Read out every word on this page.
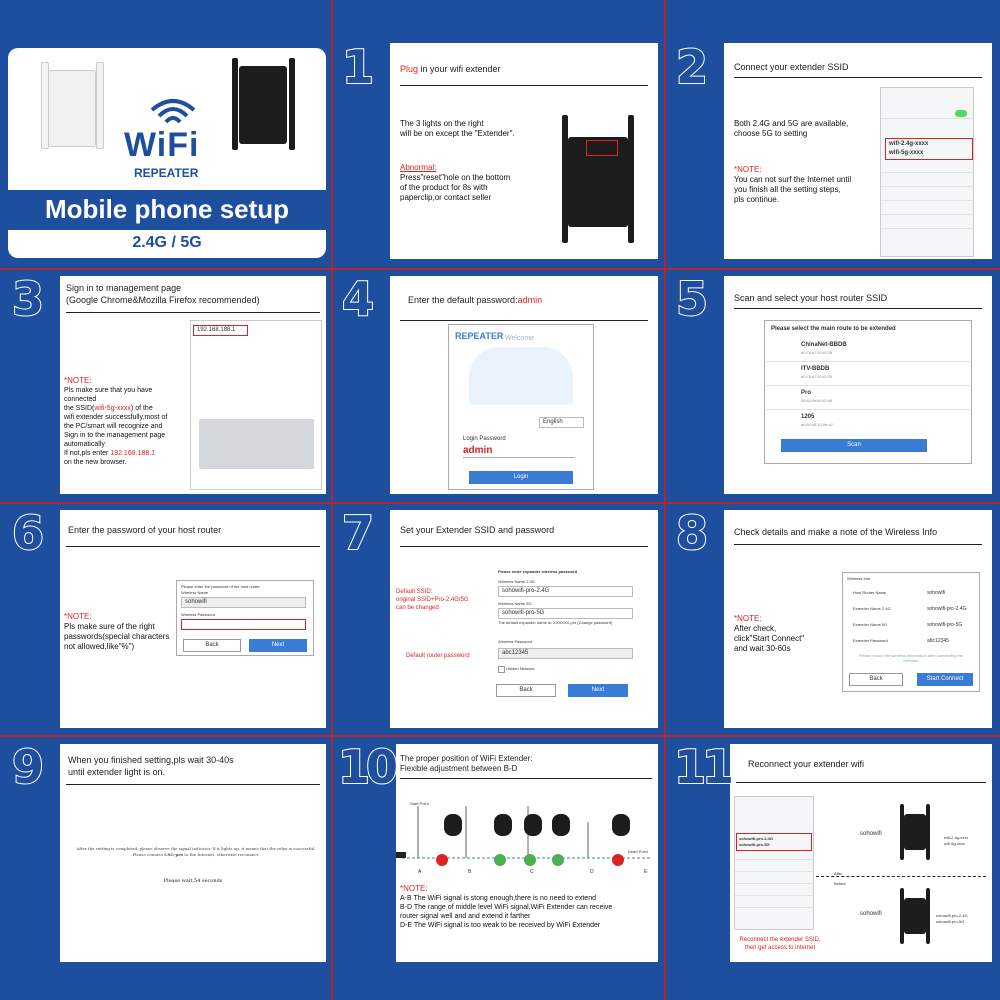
WiFi
REPEATER
Mobile phone setup
2.4G / 5G
Plug in your wifi extender
The 3 lights on the right
will be on except the "Extender".
Abnormal:
Press"reset"hole on the bottom
of the product for 8s with
paperclip,or contact seller
1	Connect your extender SSID
Both 2.4G and 5G are available,
choose 5G to setting
*NOTE:
You can not surf the Internet until
you finish all the setting steps,
pls continue.
wifi-2.4g-xxxx
wifi-5g-xxxx
2
Sign in to management page
(Google Chrome&Mozilla Firefox recommended)
*NOTE:
Pls make sure that you have
connected
the SSID(wifi-5g-xxxx) of the
wifi extender successfully,most of
the PC/smart will recognize and
Sign in to the management page
automatically
If not,pls enter 192.168.188.1
on the new browser.
192.168.188.1
3	Enter the default password:admin
REPEATER Welcome
English
Login Password
admin
Login
4	Scan and select your host router SSID
Please select the main route to be extended
ChinaNet-BBDB
d0:76:e7:01:f0:28
ITV-BBDB
d0:76:e7:01:f0:29
Pro
38:83:9a:b1:f2:46
1205
ac:84:c6:10:0e:a2
Scan
5
Enter the password of your host router
*NOTE:
Pls make sure of the right
passwords(special characters
not allowed,like"%")
Please enter the password of the host router
Wireless Name
sohowifi
Wireless Password
Back	Next
6	Set your Extender SSID and password
Default SSID:
original SSID+Pro-2.4G/5G
can be changed
Default router password
Please enter expander wireless password
Wireless Name 2.4G
sohowifi-pro-2.4G
Wireless Name 5G
sohowifi-pro-5G
The default expander name is: XXXXXX-pro (Change password)
Wireless Password
abc12345
Hidden Network
Back	Next
7	Check details and make a note of the Wireless Info
*NOTE:
After check,
click"Start Connect"
and wait 30-60s
Wireless Info
Host Router Name	sohowifi
Extender Name 2.4G	sohowifi-pro-2.4G
Extender Name 5G	sohowifi-pro-5G
Extender Password	abc12345
Please record the wireless information after connecting the extender
Back	Start Connect
8
When you finished setting,pls wait 30-40s
until extender light is on.
After the setting is completed, please observe the signal indicator. If it lights up, it means that the relay is successful. Please connect CSG-pro to the Internet, otherwise reconnect.
Please wait,54 seconds
9	The proper position of WiFi Extender:
Flexible adjustment between B-D
A	B	C	D	E
Start Point
Dead Point
*NOTE:
A-B The WiFi signal is stong enough,there is no need to extend
B-D The range of middle level WiFi signal,WiFi Extender can receive
router signal well and and extend it farther
D-E The WiFi signal is too weak to be received by WiFi Extender
10	Reconnect your extender wifi
sohowifi-pro-2.4G
sohowifi-pro-5G
sohowifi
wifi-2.4g-xxxx
wifi-5g-xxxx
After
Before
sohowifi	sohowifi-pro-2.4G
sohowifi-pro-5G
Reconnect the extender SSID,
then get access to internet
11
